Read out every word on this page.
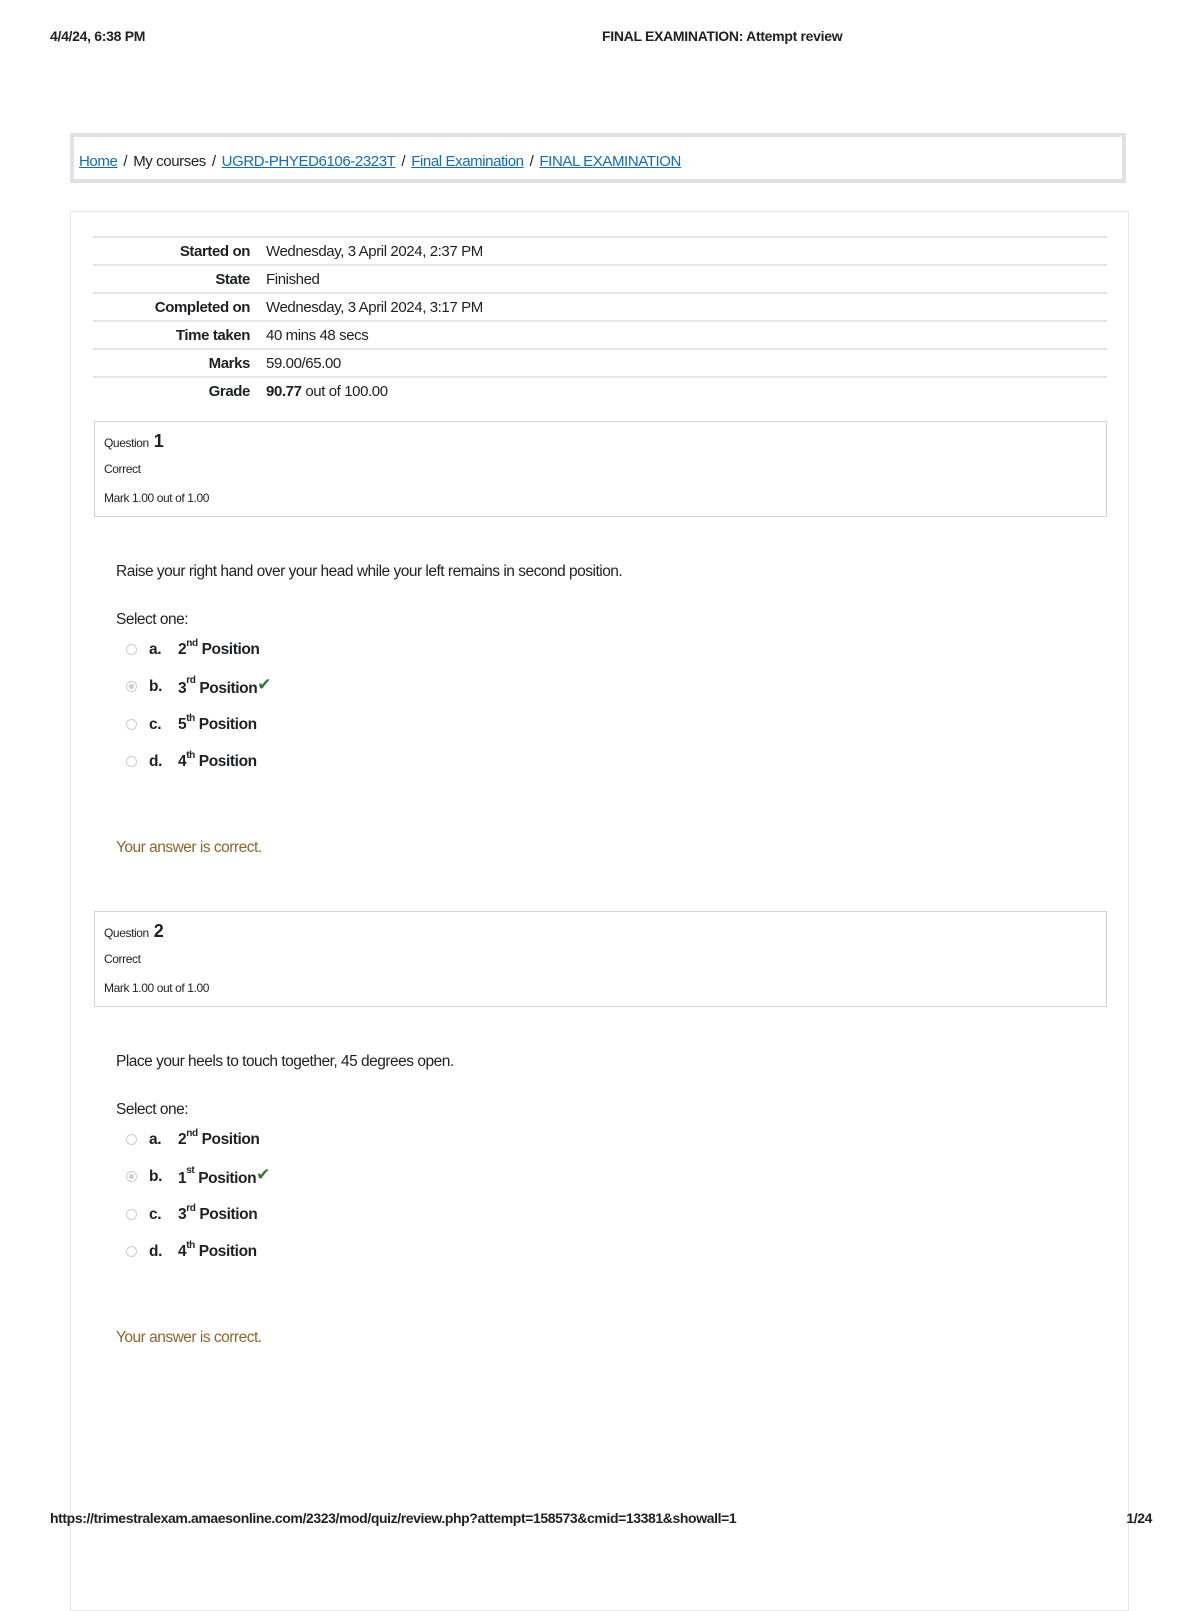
4/4/24, 6:38 PM	FINAL EXAMINATION: Attempt review
Home / My courses / UGRD-PHYED6106-2323T / Final Examination / FINAL EXAMINATION
Started on	Wednesday, 3 April 2024, 2:37 PM
State	Finished
Completed on	Wednesday, 3 April 2024, 3:17 PM
Time taken	40 mins 48 secs
Marks	59.00/65.00
Grade	90.77 out of 100.00
Question 1
Correct
Mark 1.00 out of 1.00
Raise your right hand over your head while your left remains in second position.
Select one:
a. 2nd Position
b. 3rd Position✔
c. 5th Position
d. 4th Position
Your answer is correct.
Question 2
Correct
Mark 1.00 out of 1.00
Place your heels to touch together, 45 degrees open.
Select one:
a. 2nd Position
b. 1st Position✔
c. 3rd Position
d. 4th Position
Your answer is correct.
https://trimestralexam.amaesonline.com/2323/mod/quiz/review.php?attempt=158573&cmid=13381&showall=1	1/24
